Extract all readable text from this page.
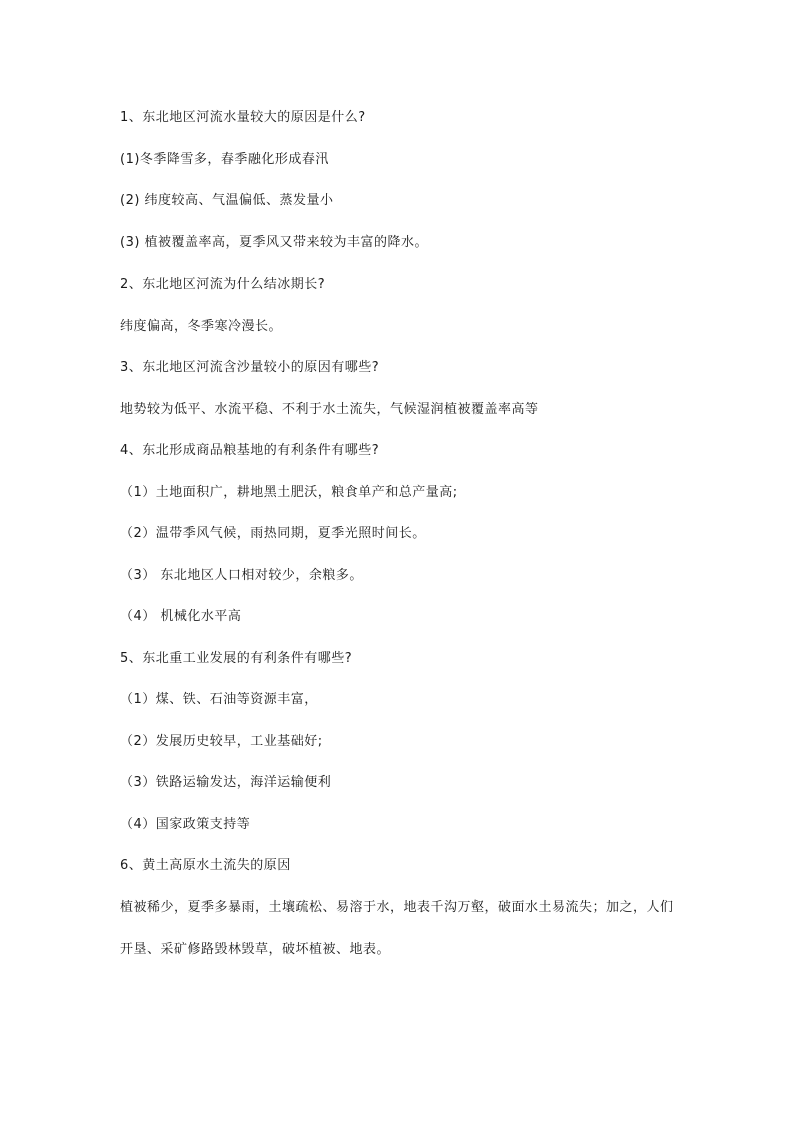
1、东北地区河流水量较大的原因是什么?
(1)冬季降雪多，春季融化形成春汛
(2) 纬度较高、气温偏低、蒸发量小
(3) 植被覆盖率高，夏季风又带来较为丰富的降水。
2、东北地区河流为什么结冰期长?
纬度偏高，冬季寒冷漫长。
3、东北地区河流含沙量较小的原因有哪些?
地势较为低平、水流平稳、不利于水土流失，气候湿润植被覆盖率高等
4、东北形成商品粮基地的有利条件有哪些?
（1）土地面积广，耕地黑土肥沃，粮食单产和总产量高;
（2）温带季风气候，雨热同期，夏季光照时间长。
（3） 东北地区人口相对较少，余粮多。
（4） 机械化水平高
5、东北重工业发展的有利条件有哪些?
（1）煤、铁、石油等资源丰富，
（2）发展历史较早，工业基础好;
（3）铁路运输发达，海洋运输便利
（4）国家政策支持等
6、黄土高原水土流失的原因
植被稀少，夏季多暴雨，土壤疏松、易溶于水，地表千沟万壑，破面水土易流失；加之，人们开垦、采矿修路毁林毁草，破坏植被、地表。
